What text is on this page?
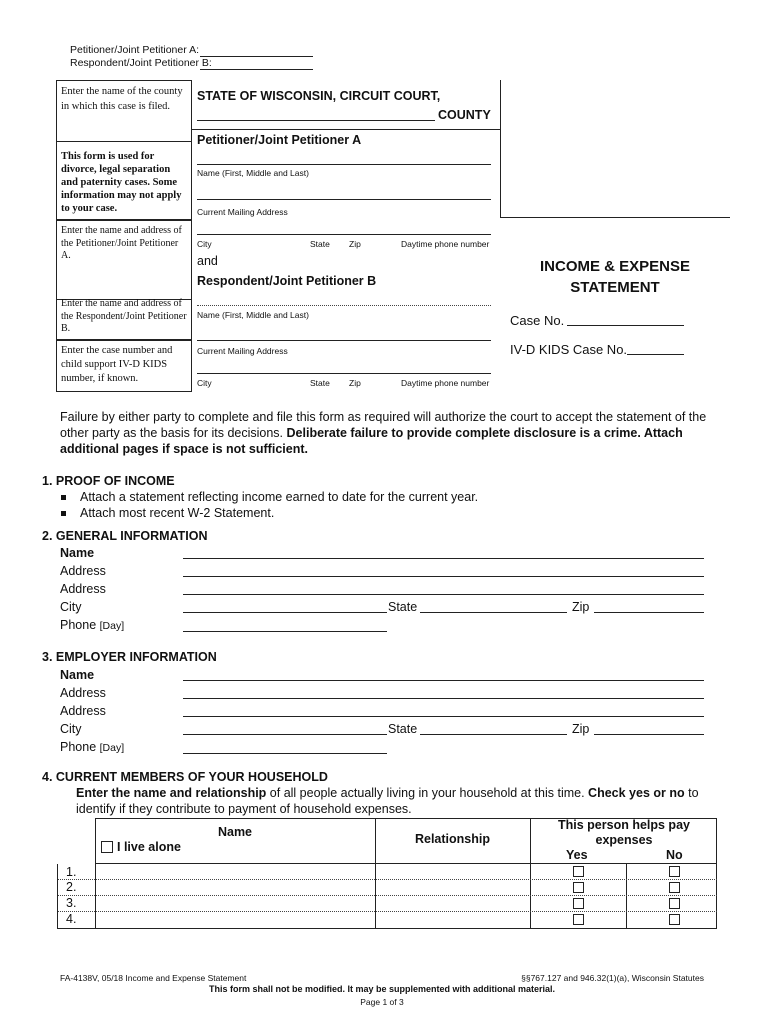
Petitioner/Joint Petitioner A:
Respondent/Joint Petitioner B:
Enter the name of the county in which this case is filed.
This form is used for divorce, legal separation and paternity cases. Some information may not apply to your case.
Enter the name and address of the Petitioner/Joint Petitioner A.
Enter the name and address of the Respondent/Joint Petitioner B.
Enter the case number and child support IV-D KIDS number, if known.
STATE OF WISCONSIN, CIRCUIT COURT,
COUNTY
Petitioner/Joint Petitioner A
Name (First, Middle and Last)
Current Mailing Address
City	State Zip	Daytime phone number
and
Respondent/Joint Petitioner B
Name (First, Middle and Last)
Current Mailing Address
City	State Zip	Daytime phone number
INCOME & EXPENSE
STATEMENT
Case No.
IV-D KIDS Case No.
Failure by either party to complete and file this form as required will authorize the court to accept the statement of the other party as the basis for its decisions. Deliberate failure to provide complete disclosure is a crime. Attach additional pages if space is not sufficient.
1. PROOF OF INCOME
Attach a statement reflecting income earned to date for the current year.
Attach most recent W-2 Statement.
2. GENERAL INFORMATION
Name
Address
Address
City	State	Zip
Phone [Day]
3. EMPLOYER INFORMATION
Name
Address
Address
City	State	Zip
Phone [Day]
4. CURRENT MEMBERS OF YOUR HOUSEHOLD
Enter the name and relationship of all people actually living in your household at this time. Check yes or no to identify if they contribute to payment of household expenses.
Name
I live alone
Relationship
This person helps pay expenses
Yes	No
1.
2.
3.
4.
FA-4138V, 05/18 Income and Expense Statement	§§767.127 and 946.32(1)(a), Wisconsin Statutes
This form shall not be modified. It may be supplemented with additional material.
Page 1 of 3
